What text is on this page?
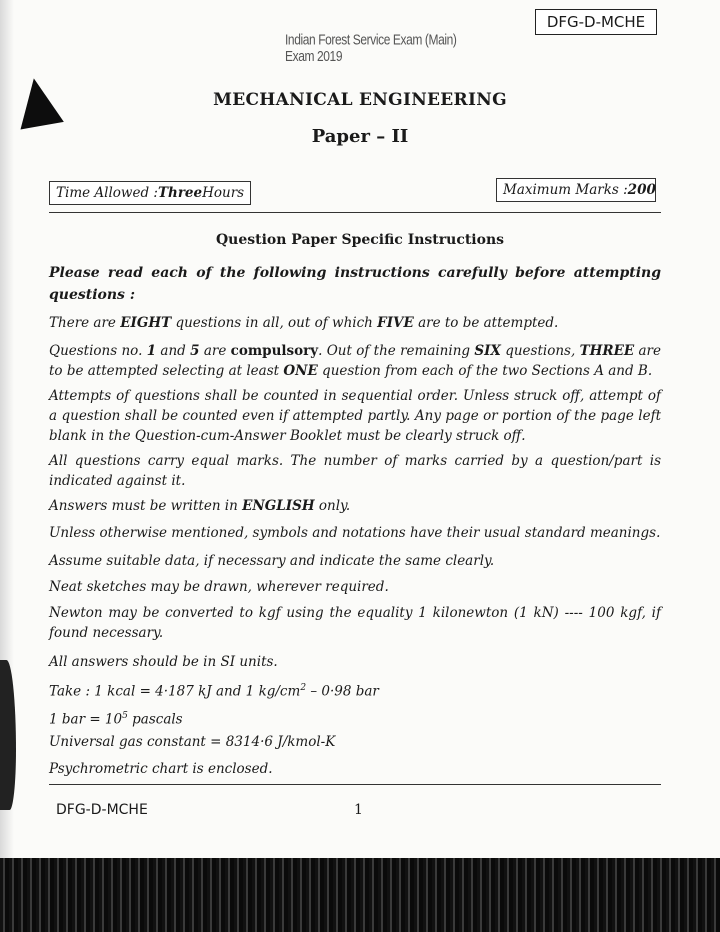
DFG-D-MCHE
Indian Forest Service Exam (Main) Exam 2019
MECHANICAL ENGINEERING
Paper – II
Time Allowed : Three Hours	Maximum Marks : 200
Question Paper Specific Instructions
Please read each of the following instructions carefully before attempting questions :
There are EIGHT questions in all, out of which FIVE are to be attempted.
Questions no. 1 and 5 are compulsory. Out of the remaining SIX questions, THREE are to be attempted selecting at least ONE question from each of the two Sections A and B.
Attempts of questions shall be counted in sequential order. Unless struck off, attempt of a question shall be counted even if attempted partly. Any page or portion of the page left blank in the Question-cum-Answer Booklet must be clearly struck off.
All questions carry equal marks. The number of marks carried by a question/part is indicated against it.
Answers must be written in ENGLISH only.
Unless otherwise mentioned, symbols and notations have their usual standard meanings.
Assume suitable data, if necessary and indicate the same clearly.
Neat sketches may be drawn, wherever required.
Newton may be converted to kgf using the equality 1 kilonewton (1 kN) ---- 100 kgf, if found necessary.
All answers should be in SI units.
Take : 1 kcal = 4·187 kJ and 1 $kg/cm^2 - 0\cdot 98$ bar
1 bar = $10^5$ pascals
Universal gas constant = 8314·6 J/kmol-K
Psychrometric chart is enclosed.
DFG-D-MCHE	1
